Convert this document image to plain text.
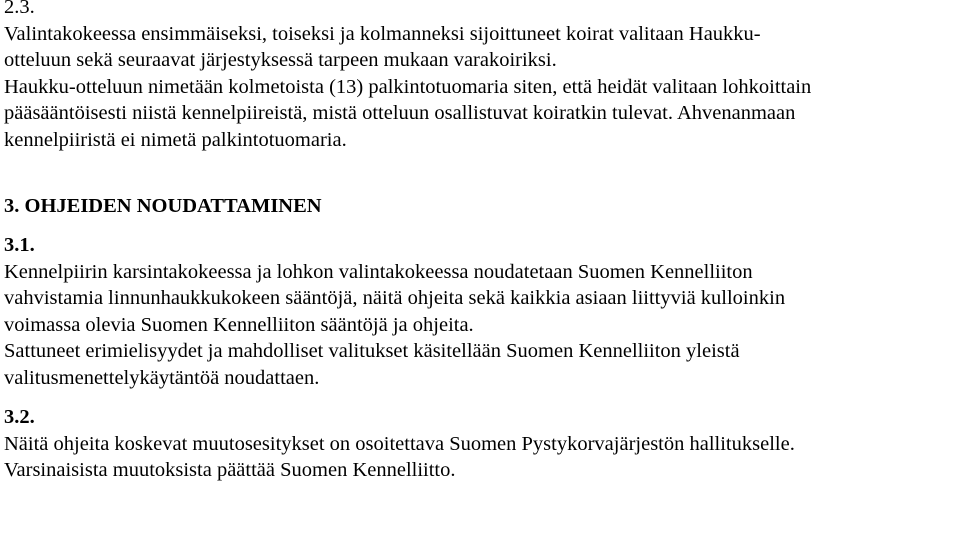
2.3.

Valintakokeessa ensimmäiseksi, toiseksi ja kolmanneksi sijoittuneet koirat valitaan Haukku-

otteluun sekä seuraavat järjestyksessä tarpeen mukaan varakoiriksi.

Haukku-otteluun nimetään kolmetoista (13) palkintotuomaria siten, että heidät valitaan lohkoittain

pääsääntöisesti niistä kennelpiireistä, mistä otteluun osallistuvat koiratkin tulevat. Ahvenanmaan

kennelpiiristä ei nimetä palkintotuomaria.

3. OHJEIDEN NOUDATTAMINEN

3.1.

Kennelpiirin karsintakokeessa ja lohkon valintakokeessa noudatetaan Suomen Kennelliiton

vahvistamia linnunhaukkukokeen sääntöjä, näitä ohjeita sekä kaikkia asiaan liittyviä kulloinkin

voimassa olevia Suomen Kennelliiton sääntöjä ja ohjeita.

Sattuneet erimielisyydet ja mahdolliset valitukset käsitellään Suomen Kennelliiton yleistä

valitusmenettelykäytäntöä noudattaen.

3.2.

Näitä ohjeita koskevat muutosesitykset on osoitettava Suomen Pystykorvajärjestön hallitukselle.

Varsinaisista muutoksista päättää Suomen Kennelliitto.
